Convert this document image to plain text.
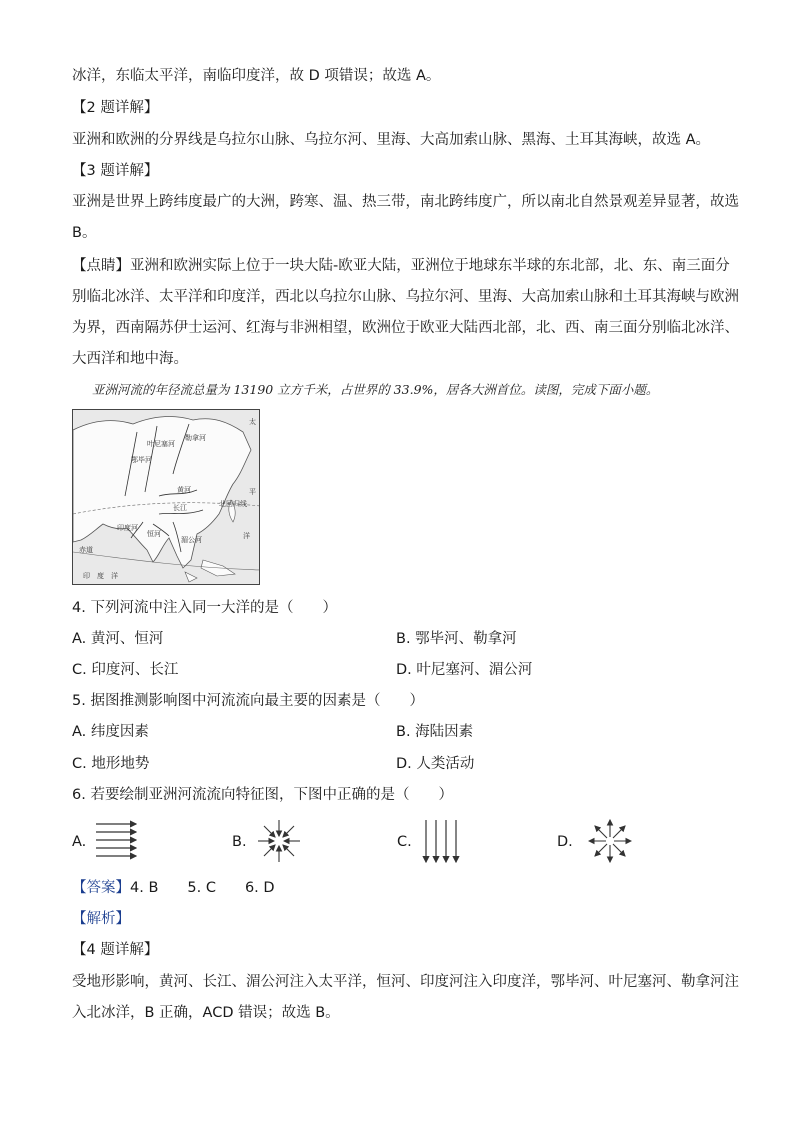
冰洋，东临太平洋，南临印度洋，故 D 项错误；故选 A。
【2 题详解】
亚洲和欧洲的分界线是乌拉尔山脉、乌拉尔河、里海、大高加索山脉、黑海、土耳其海峡，故选 A。
【3 题详解】
亚洲是世界上跨纬度最广的大洲，跨寒、温、热三带，南北跨纬度广，所以南北自然景观差异显著，故选
B。
【点睛】亚洲和欧洲实际上位于一块大陆-欧亚大陆，亚洲位于地球东半球的东北部，北、东、南三面分
别临北冰洋、太平洋和印度洋，西北以乌拉尔山脉、乌拉尔河、里海、大高加索山脉和土耳其海峡与欧洲
为界，西南隔苏伊士运河、红海与非洲相望，欧洲位于欧亚大陆西北部，北、西、南三面分别临北冰洋、
大西洋和地中海。
亚洲河流的年径流总量为 13190 立方千米，占世界的 33.9%，居各大洲首位。读图，完成下面小题。
鄂毕河
叶尼塞河
勒拿河
黄河
长江
恒河
印度河
湄公河
北回归线
赤道
太
平
洋
印　度　洋
4. 下列河流中注入同一大洋的是（　　）
A. 黄河、恒河	B. 鄂毕河、勒拿河
C. 印度河、长江	D. 叶尼塞河、湄公河
5. 据图推测影响图中河流流向最主要的因素是（　　）
A. 纬度因素	B. 海陆因素
C. 地形地势	D. 人类活动
6. 若要绘制亚洲河流流向特征图，下图中正确的是（　　）
A.	B.	C.	D.
【答案】4. B　　5. C　　6. D
【解析】
【4 题详解】
受地形影响，黄河、长江、湄公河注入太平洋，恒河、印度河注入印度洋，鄂毕河、叶尼塞河、勒拿河注
入北冰洋，B 正确，ACD 错误；故选 B。
